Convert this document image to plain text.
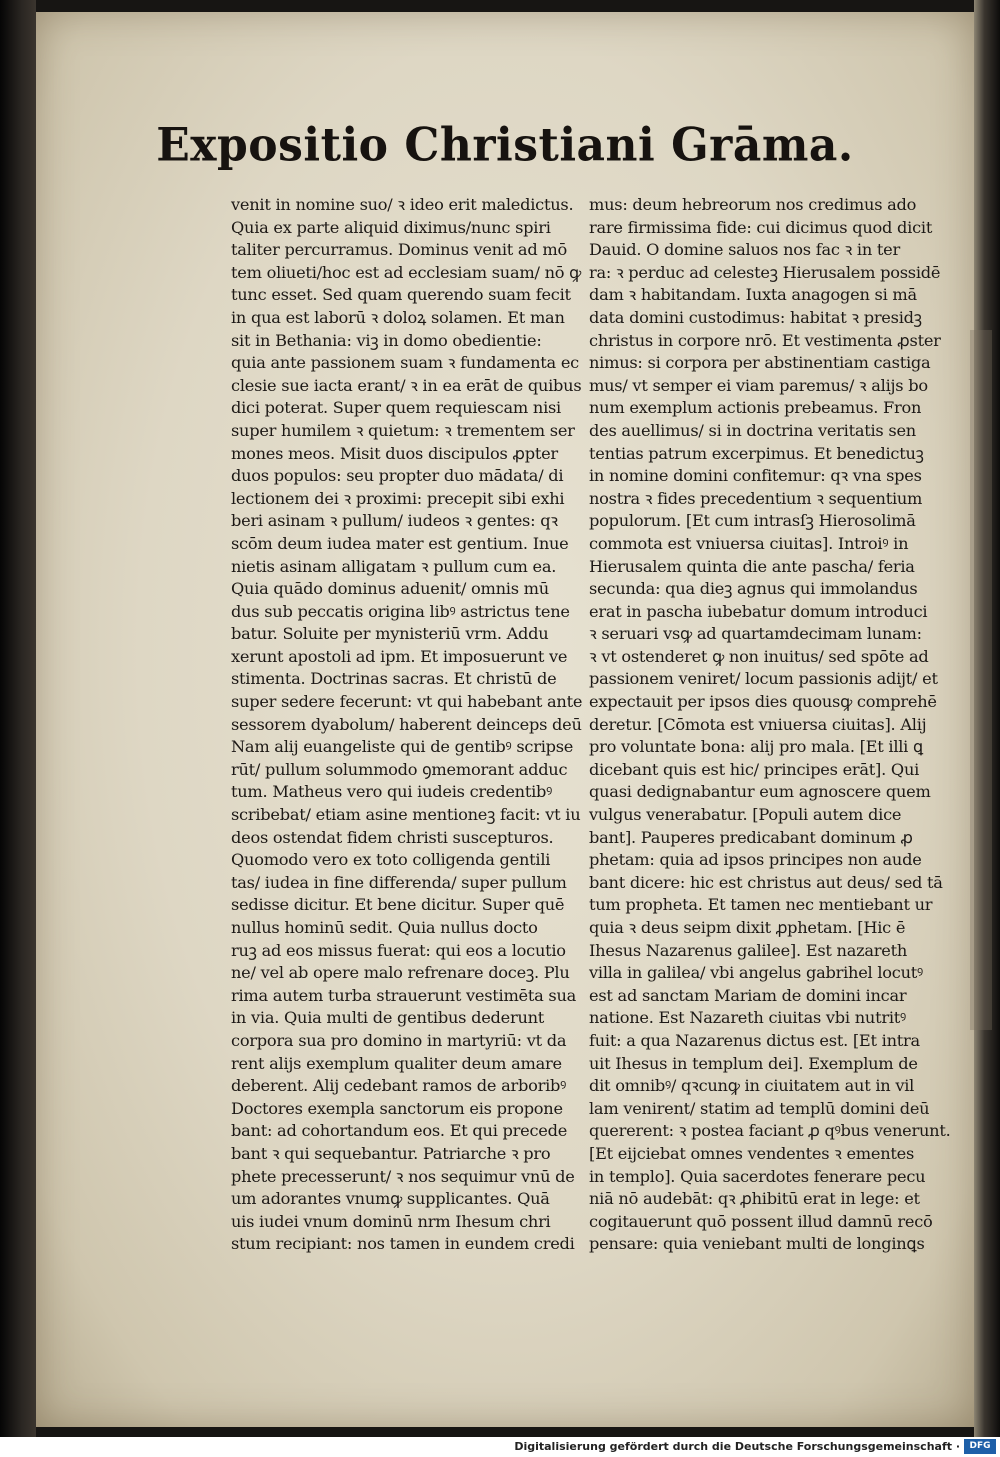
Expositio Christiani Grāma.
venit in nomine suo/ ꝛ ideo erit maledictus.
Quia ex parte aliquid diximus/nunc spiri
taliter percurramus. Dominus venit ad mō
tem oliueti/hoc est ad ecclesiam suam/ nō ꝙ
tunc esset. Sed quam querendo suam fecit
in qua est laborū ꝛ doloꝝ solamen. Et man
sit in Bethania: viꝫ in domo obedientie:
quia ante passionem suam ꝛ fundamenta ec
clesie sue iacta erant/ ꝛ in ea erāt de quibus
dici poterat. Super quem requiescam nisi
super humilem ꝛ quietum: ꝛ trementem ser
mones meos. Misit duos discipulos ꝓpter
duos populos: seu propter duo mādata/ di
lectionem dei ꝛ proximi: precepit sibi exhi
beri asinam ꝛ pullum/ iudeos ꝛ gentes: qꝛ
scōm deum iudea mater est gentium. Inue
nietis asinam alligatam ꝛ pullum cum ea.
Quia quādo dominus aduenit/ omnis mū
dus sub peccatis origina libꝰ astrictus tene
batur. Soluite per mynisteriū vrm. Addu
xerunt apostoli ad ipm. Et imposuerunt ve
stimenta. Doctrinas sacras. Et christū de
super sedere fecerunt: vt qui habebant ante
sessorem dyabolum/ haberent deinceps deū
Nam alij euangeliste qui de gentibꝰ scripse
rūt/ pullum solummodo ꝯmemorant adduc
tum. Matheus vero qui iudeis credentibꝰ
scribebat/ etiam asine mentioneꝫ facit: vt iu
deos ostendat fidem christi suscepturos.
Quomodo vero ex toto colligenda gentili
tas/ iudea in fine differenda/ super pullum
sedisse dicitur. Et bene dicitur. Super quē
nullus hominū sedit. Quia nullus docto
ruꝫ ad eos missus fuerat: qui eos a locutio
ne/ vel ab opere malo refrenare doceꝫ. Plu
rima autem turba strauerunt vestimēta sua
in via. Quia multi de gentibus dederunt
corpora sua pro domino in martyriū: vt da
rent alijs exemplum qualiter deum amare
deberent. Alij cedebant ramos de arboribꝰ
Doctores exempla sanctorum eis propone
bant: ad cohortandum eos. Et qui precede
bant ꝛ qui sequebantur. Patriarche ꝛ pro
phete precesserunt/ ꝛ nos sequimur vnū de
um adorantes vnumꝙ supplicantes. Quā
uis iudei vnum dominū nrm Ihesum chri
stum recipiant: nos tamen in eundem credi
mus: deum hebreorum nos credimus ado
rare firmissima fide: cui dicimus quod dicit
Dauid. O domine saluos nos fac ꝛ in ter
ra: ꝛ perduc ad celesteꝫ Hierusalem possidē
dam ꝛ habitandam. Iuxta anagogen si mā
data domini custodimus: habitat ꝛ presidꝫ
christus in corpore nrō. Et vestimenta ꝓster
nimus: si corpora per abstinentiam castiga
mus/ vt semper ei viam paremus/ ꝛ alijs bo
num exemplum actionis prebeamus. Fron
des auellimus/ si in doctrina veritatis sen
tentias patrum excerpimus. Et benedictuꝫ
in nomine domini confitemur: qꝛ vna spes
nostra ꝛ fides precedentium ꝛ sequentium
populorum. [Et cum intrasſꝫ Hierosolimā
commota est vniuersa ciuitas]. Introiꝰ in
Hierusalem quinta die ante pascha/ feria
secunda: qua dieꝫ agnus qui immolandus
erat in pascha iubebatur domum introduci
ꝛ seruari vsꝙ ad quartamdecimam lunam:
ꝛ vt ostenderet ꝙ non inuitus/ sed spōte ad
passionem veniret/ locum passionis adijt/ et
expectauit per ipsos dies quousꝙ comprehē
deretur. [Cōmota est vniuersa ciuitas]. Alij
pro voluntate bona: alij pro mala. [Et illi ꝗ
dicebant quis est hic/ principes erāt]. Qui
quasi dedignabantur eum agnoscere quem
vulgus venerabatur. [Populi autem dice
bant]. Pauperes predicabant dominum ꝓ
phetam: quia ad ipsos principes non aude
bant dicere: hic est christus aut deus/ sed tā
tum propheta. Et tamen nec mentiebant ur
quia ꝛ deus seipm dixit ꝓphetam. [Hic ē
Ihesus Nazarenus galilee]. Est nazareth
villa in galilea/ vbi angelus gabrihel locutꝰ
est ad sanctam Mariam de domini incar
natione. Est Nazareth ciuitas vbi nutritꝰ
fuit: a qua Nazarenus dictus est. [Et intra
uit Ihesus in templum dei]. Exemplum de
dit omnibꝰ/ qꝛcunꝙ in ciuitatem aut in vil
lam venirent/ statim ad templū domini deū
quererent: ꝛ postea faciant ꝓ qꝰbus venerunt.
[Et eijciebat omnes vendentes ꝛ ementes
in templo]. Quia sacerdotes fenerare pecu
niā nō audebāt: qꝛ ꝓhibitū erat in lege: et
cogitauerunt quō possent illud damnū recō
pensare: quia veniebant multi de longinꝗs
Digitalisierung gefördert durch die Deutsche Forschungsgemeinschaft ·	DFG
